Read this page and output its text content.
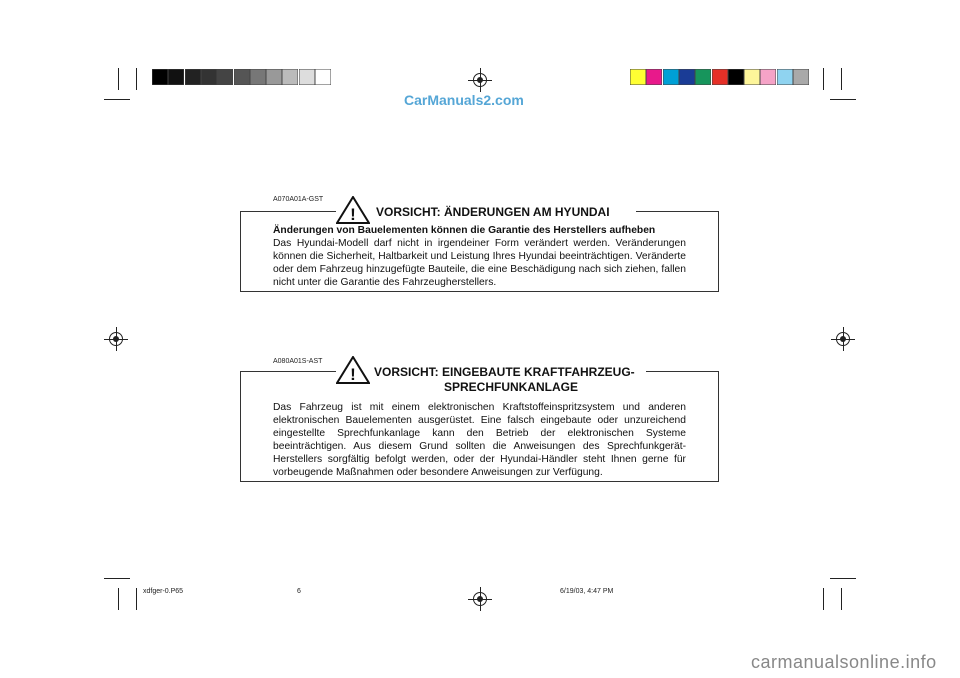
CarManuals2.com
A070A01A-GST
! VORSICHT: ÄNDERUNGEN AM HYUNDAI
Änderungen von Bauelementen können die Garantie des Herstellers aufheben
Das Hyundai-Modell darf nicht in irgendeiner Form verändert werden. Veränderungen können die Sicherheit, Haltbarkeit und Leistung Ihres Hyundai beeinträchtigen. Veränderte oder dem Fahrzeug hinzugefügte Bauteile, die eine Beschädigung nach sich ziehen, fallen nicht unter die Garantie des Fahrzeugherstellers.
A080A01S-AST
! VORSICHT: EINGEBAUTE KRAFTFAHRZEUG-
SPRECHFUNKANLAGE
Das Fahrzeug ist mit einem elektronischen Kraftstoffeinspritzsystem und anderen elektronischen Bauelementen ausgerüstet. Eine falsch eingebaute oder unzureichend eingestellte Sprechfunkanlage kann den Betrieb der elektronischen Systeme beeinträchtigen. Aus diesem Grund sollten die Anweisungen des Sprechfunkgerät-Herstellers sorgfältig befolgt werden, oder der Hyundai-Händler steht Ihnen gerne für vorbeugende Maßnahmen oder besondere Anweisungen zur Verfügung.
xdfger-0.P65	6	6/19/03, 4:47 PM
carmanualsonline.info
